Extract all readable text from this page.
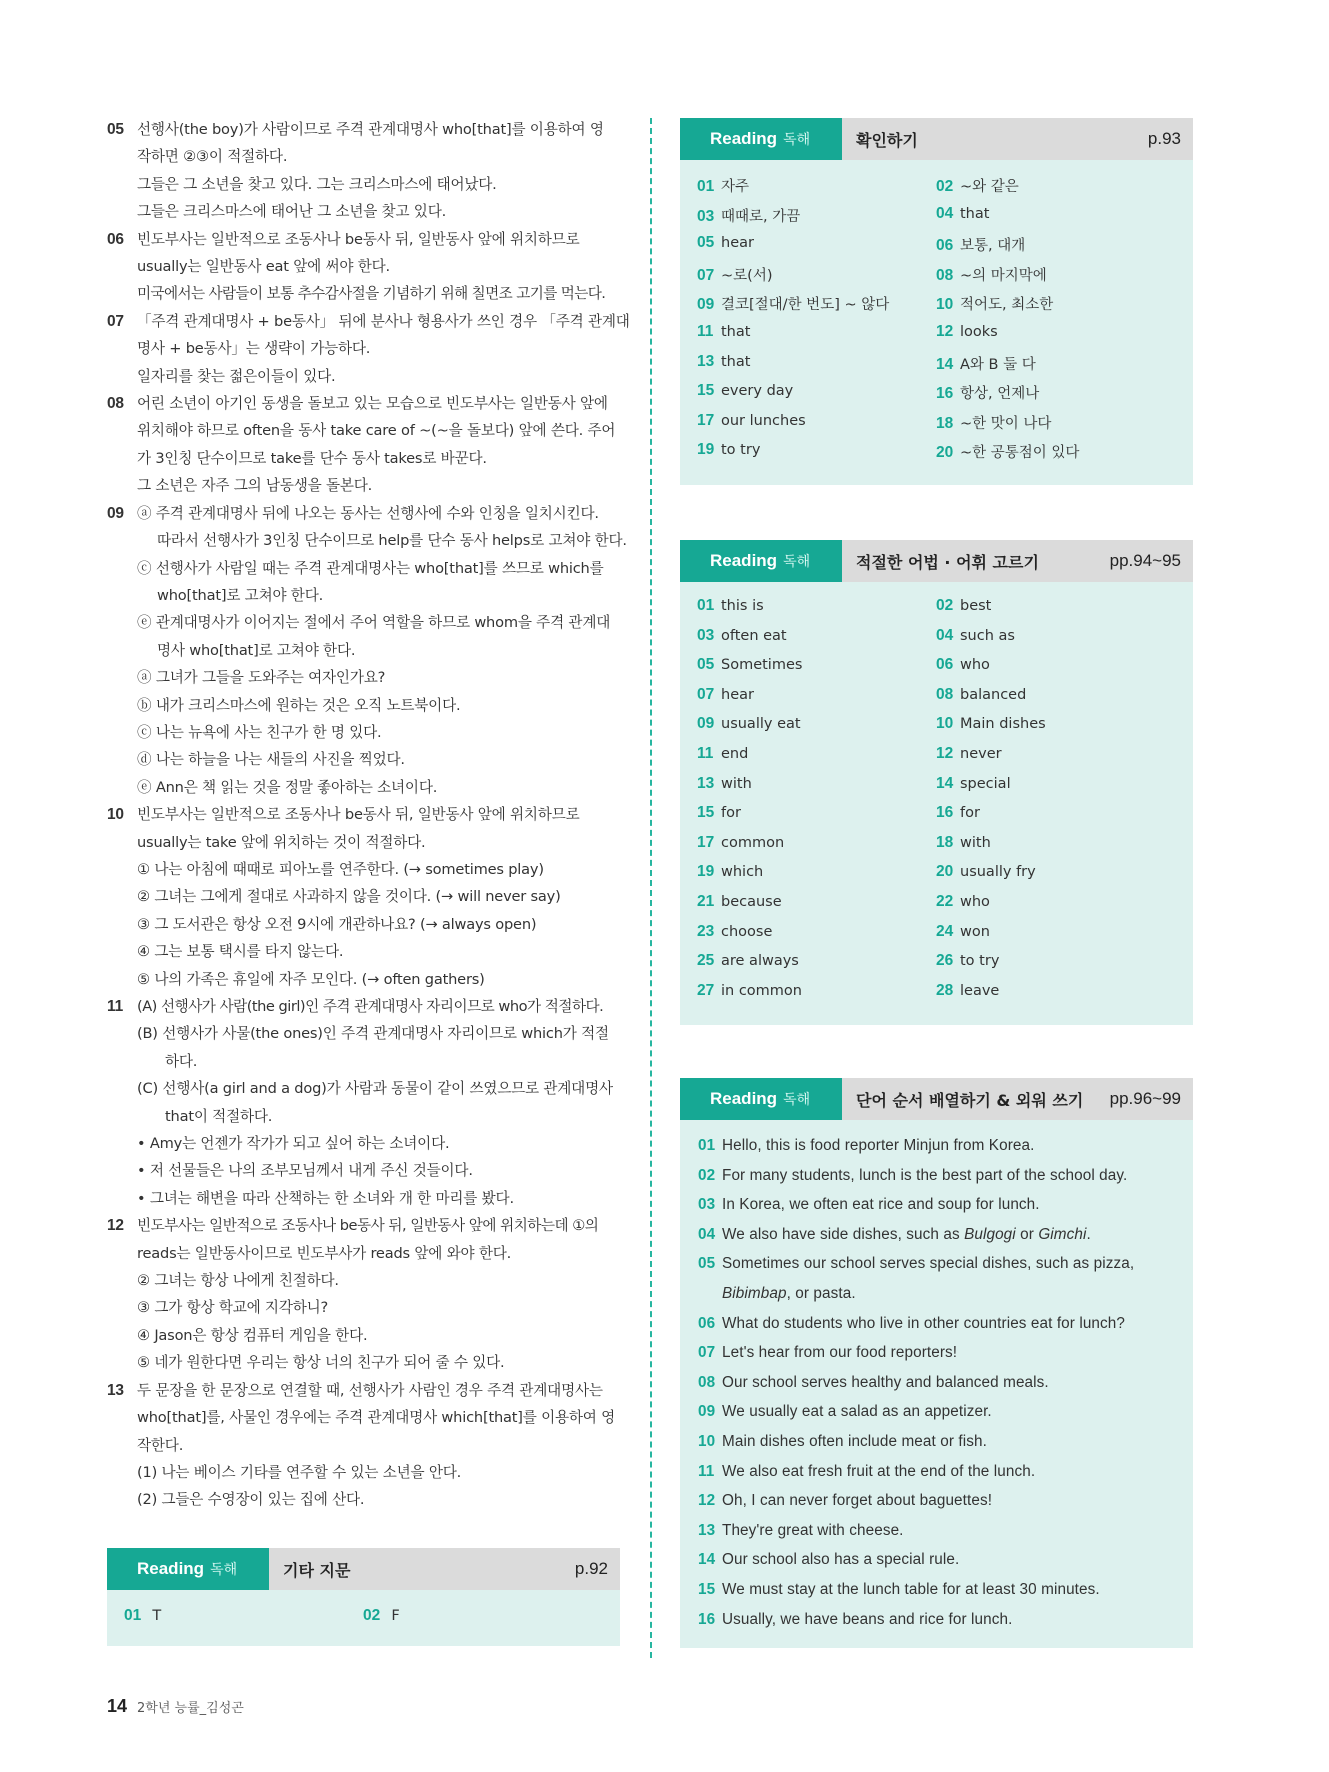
05 선행사(the boy)가 사람이므로 주격 관계대명사 who[that]를 이용하여 영
작하면 ②③이 적절하다.
그들은 그 소년을 찾고 있다. 그는 크리스마스에 태어났다.
그들은 크리스마스에 태어난 그 소년을 찾고 있다.
06 빈도부사는 일반적으로 조동사나 be동사 뒤, 일반동사 앞에 위치하므로
usually는 일반동사 eat 앞에 써야 한다.
미국에서는 사람들이 보통 추수감사절을 기념하기 위해 칠면조 고기를 먹는다.
07 「주격 관계대명사 + be동사」 뒤에 분사나 형용사가 쓰인 경우 「주격 관계대
명사 + be동사」는 생략이 가능하다.
일자리를 찾는 젊은이들이 있다.
08 어린 소년이 아기인 동생을 돌보고 있는 모습으로 빈도부사는 일반동사 앞에
위치해야 하므로 often을 동사 take care of ~(~을 돌보다) 앞에 쓴다. 주어
가 3인칭 단수이므로 take를 단수 동사 takes로 바꾼다.
그 소년은 자주 그의 남동생을 돌본다.
09 ⓐ 주격 관계대명사 뒤에 나오는 동사는 선행사에 수와 인칭을 일치시킨다.
따라서 선행사가 3인칭 단수이므로 help를 단수 동사 helps로 고쳐야 한다.
ⓒ 선행사가 사람일 때는 주격 관계대명사는 who[that]를 쓰므로 which를
who[that]로 고쳐야 한다.
ⓔ 관계대명사가 이어지는 절에서 주어 역할을 하므로 whom을 주격 관계대
명사 who[that]로 고쳐야 한다.
ⓐ 그녀가 그들을 도와주는 여자인가요?
ⓑ 내가 크리스마스에 원하는 것은 오직 노트북이다.
ⓒ 나는 뉴욕에 사는 친구가 한 명 있다.
ⓓ 나는 하늘을 나는 새들의 사진을 찍었다.
ⓔ Ann은 책 읽는 것을 정말 좋아하는 소녀이다.
10 빈도부사는 일반적으로 조동사나 be동사 뒤, 일반동사 앞에 위치하므로
usually는 take 앞에 위치하는 것이 적절하다.
① 나는 아침에 때때로 피아노를 연주한다. (→ sometimes play)
② 그녀는 그에게 절대로 사과하지 않을 것이다. (→ will never say)
③ 그 도서관은 항상 오전 9시에 개관하나요? (→ always open)
④ 그는 보통 택시를 타지 않는다.
⑤ 나의 가족은 휴일에 자주 모인다. (→ often gathers)
11 (A) 선행사가 사람(the girl)인 주격 관계대명사 자리이므로 who가 적절하다.
(B) 선행사가 사물(the ones)인 주격 관계대명사 자리이므로 which가 적절
하다.
(C) 선행사(a girl and a dog)가 사람과 동물이 같이 쓰였으므로 관계대명사
that이 적절하다.
• Amy는 언젠가 작가가 되고 싶어 하는 소녀이다.
• 저 선물들은 나의 조부모님께서 내게 주신 것들이다.
• 그녀는 해변을 따라 산책하는 한 소녀와 개 한 마리를 봤다.
12 빈도부사는 일반적으로 조동사나 be동사 뒤, 일반동사 앞에 위치하는데 ①의
reads는 일반동사이므로 빈도부사가 reads 앞에 와야 한다.
② 그녀는 항상 나에게 친절하다.
③ 그가 항상 학교에 지각하니?
④ Jason은 항상 컴퓨터 게임을 한다.
⑤ 네가 원한다면 우리는 항상 너의 친구가 되어 줄 수 있다.
13 두 문장을 한 문장으로 연결할 때, 선행사가 사람인 경우 주격 관계대명사는
who[that]를, 사물인 경우에는 주격 관계대명사 which[that]를 이용하여 영
작한다.
(1) 나는 베이스 기타를 연주할 수 있는 소년을 안다.
(2) 그들은 수영장이 있는 집에 산다.
Reading 독해	기타 지문	p.92
01 T	02 F
Reading 독해	확인하기	p.93
01 자주	02 ~와 같은
03 때때로, 가끔	04 that
05 hear	06 보통, 대개
07 ~로(서)	08 ~의 마지막에
09 결코[절대/한 번도] ~ 않다	10 적어도, 최소한
11 that	12 looks
13 that	14 A와 B 둘 다
15 every day	16 항상, 언제나
17 our lunches	18 ~한 맛이 나다
19 to try	20 ~한 공통점이 있다
Reading 독해	적절한 어법 · 어휘 고르기	pp.94~95
01 this is	02 best
03 often eat	04 such as
05 Sometimes	06 who
07 hear	08 balanced
09 usually eat	10 Main dishes
11 end	12 never
13 with	14 special
15 for	16 for
17 common	18 with
19 which	20 usually fry
21 because	22 who
23 choose	24 won
25 are always	26 to try
27 in common	28 leave
Reading 독해	단어 순서 배열하기 & 외워 쓰기 pp.96~99
01 Hello, this is food reporter Minjun from Korea.
02 For many students, lunch is the best part of the school day.
03 In Korea, we often eat rice and soup for lunch.
04 We also have side dishes, such as Bulgogi or Gimchi.
05 Sometimes our school serves special dishes, such as pizza,
Bibimbap, or pasta.
06 What do students who live in other countries eat for lunch?
07 Let's hear from our food reporters!
08 Our school serves healthy and balanced meals.
09 We usually eat a salad as an appetizer.
10 Main dishes often include meat or fish.
11 We also eat fresh fruit at the end of the lunch.
12 Oh, I can never forget about baguettes!
13 They're great with cheese.
14 Our school also has a special rule.
15 We must stay at the lunch table for at least 30 minutes.
16 Usually, we have beans and rice for lunch.
14 2학년 능률_김성곤
